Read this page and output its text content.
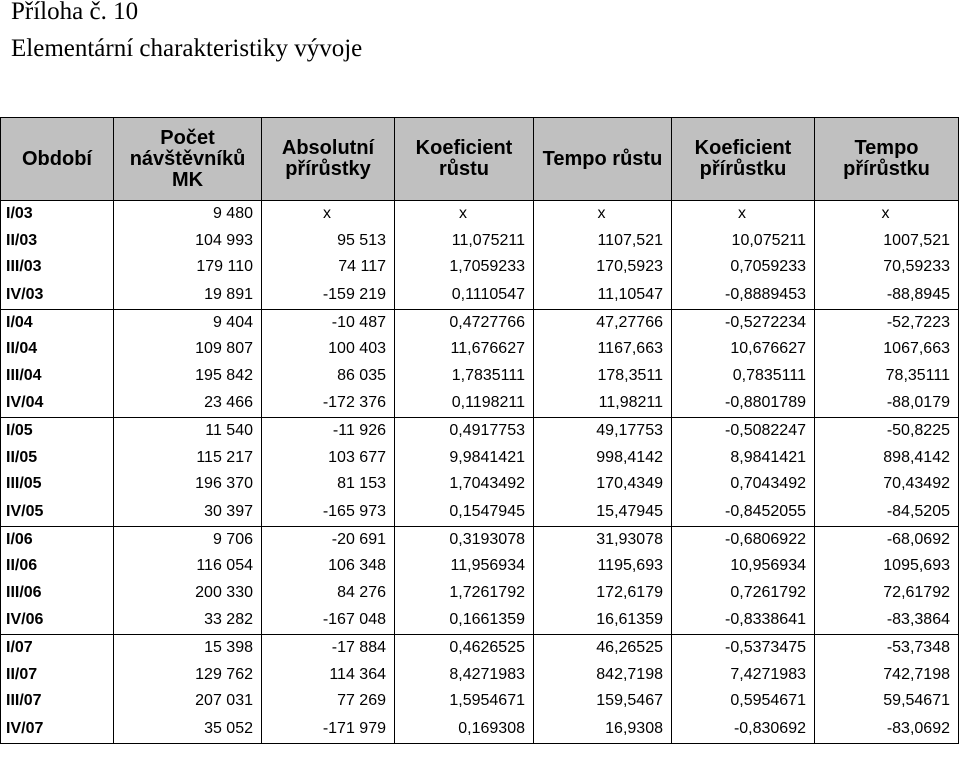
Příloha č. 10
Elementární charakteristiky vývoje
Období	Počet návštěvníků MK	Absolutní přírůstky	Koeficient růstu	Tempo růstu	Koeficient přírůstku	Tempo přírůstku
I/03	9 480	x	x	x	x	x
II/03	104 993	95 513	11,075211	1107,521	10,075211	1007,521
III/03	179 110	74 117	1,7059233	170,5923	0,7059233	70,59233
IV/03	19 891	-159 219	0,1110547	11,10547	-0,8889453	-88,8945
I/04	9 404	-10 487	0,4727766	47,27766	-0,5272234	-52,7223
II/04	109 807	100 403	11,676627	1167,663	10,676627	1067,663
III/04	195 842	86 035	1,7835111	178,3511	0,7835111	78,35111
IV/04	23 466	-172 376	0,1198211	11,98211	-0,8801789	-88,0179
I/05	11 540	-11 926	0,4917753	49,17753	-0,5082247	-50,8225
II/05	115 217	103 677	9,9841421	998,4142	8,9841421	898,4142
III/05	196 370	81 153	1,7043492	170,4349	0,7043492	70,43492
IV/05	30 397	-165 973	0,1547945	15,47945	-0,8452055	-84,5205
I/06	9 706	-20 691	0,3193078	31,93078	-0,6806922	-68,0692
II/06	116 054	106 348	11,956934	1195,693	10,956934	1095,693
III/06	200 330	84 276	1,7261792	172,6179	0,7261792	72,61792
IV/06	33 282	-167 048	0,1661359	16,61359	-0,8338641	-83,3864
I/07	15 398	-17 884	0,4626525	46,26525	-0,5373475	-53,7348
II/07	129 762	114 364	8,4271983	842,7198	7,4271983	742,7198
III/07	207 031	77 269	1,5954671	159,5467	0,5954671	59,54671
IV/07	35 052	-171 979	0,169308	16,9308	-0,830692	-83,0692
